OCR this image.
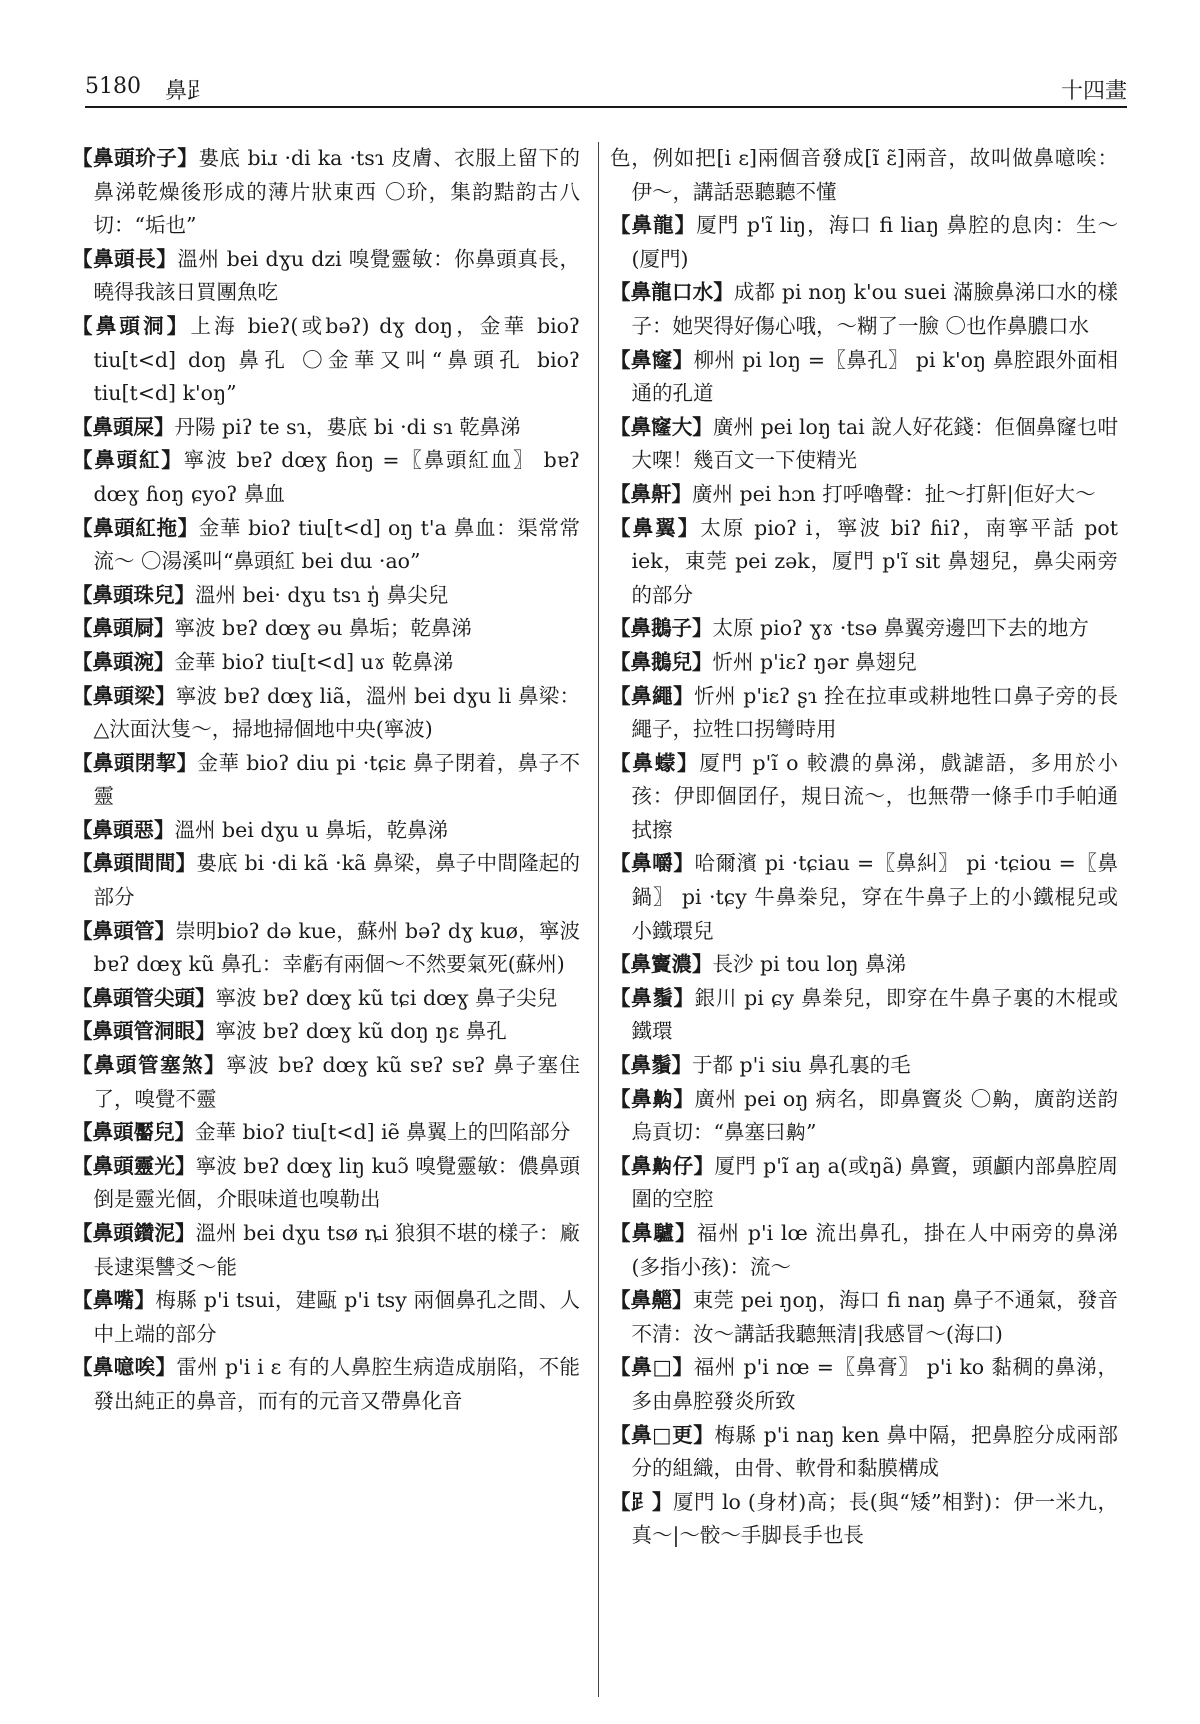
5180 鼻𧾷	十四畫

【鼻頭玠子】婁底 biɹ ·di ka ·tsɿ 皮膚、衣服上留下的鼻涕乾燥後形成的薄片狀東西 〇玠，集韵黠韵古八切：“垢也”

【鼻頭長】溫州 bei dɣu dzi 嗅覺靈敏：你鼻頭真長，曉得我該日買團魚吃

【鼻頭洞】上海 bieʔ(或bəʔ) dɣ doŋ，金華 bioʔ tiu[t<d] doŋ 鼻孔 〇金華又叫“鼻頭孔 bioʔ tiu[t<d] k'oŋ”

【鼻頭屎】丹陽 piʔ te sɿ，婁底 bi ·di sɿ 乾鼻涕

【鼻頭紅】寧波 bɐʔ dœɣ ɦoŋ =〖鼻頭紅血〗 bɐʔ dœɣ ɦoŋ ɕyoʔ 鼻血

【鼻頭紅拖】金華 bioʔ tiu[t<d] oŋ t'a 鼻血：渠常常流～ 〇湯溪叫“鼻頭紅 bei dɯ ·ao”

【鼻頭珠兒】溫州 bei· dɣu tsɿ ŋ̍ 鼻尖兒

【鼻頭屙】寧波 bɐʔ dœɣ əu 鼻垢；乾鼻涕

【鼻頭涴】金華 bioʔ tiu[t<d] uɤ 乾鼻涕

【鼻頭梁】寧波 bɐʔ dœɣ liã，溫州 bei dɣu li 鼻梁：△汏面汏隻～，掃地掃個地中央(寧波)

【鼻頭閉挈】金華 bioʔ diu pi ·tɕiɛ 鼻子閉着，鼻子不靈

【鼻頭惡】溫州 bei dɣu u 鼻垢，乾鼻涕

【鼻頭間間】婁底 bi ·di kã ·kã 鼻梁，鼻子中間隆起的部分

【鼻頭管】崇明bioʔ də kue，蘇州 bəʔ dɣ kuø，寧波 bɐʔ dœɣ kũ 鼻孔：幸虧有兩個～不然要氣死(蘇州)

【鼻頭管尖頭】寧波 bɐʔ dœɣ kũ tɕi dœɣ 鼻子尖兒

【鼻頭管洞眼】寧波 bɐʔ dœɣ kũ doŋ ŋɛ 鼻孔

【鼻頭管塞煞】寧波 bɐʔ dœɣ kũ sɐʔ sɐʔ 鼻子塞住了，嗅覺不靈

【鼻頭靨兒】金華 bioʔ tiu[t<d] iẽ 鼻翼上的凹陷部分

【鼻頭靈光】寧波 bɐʔ dœɣ liŋ kuɔ̃ 嗅覺靈敏：儂鼻頭倒是靈光個，介眼味道也嗅勒出

【鼻頭鑽泥】溫州 bei dɣu tsø ȵi 狼狽不堪的樣子：廠長逮渠讐爻～能

【鼻嘴】梅縣 p'i tsui，建甌 p'i tsy 兩個鼻孔之間、人中上端的部分

【鼻噫唉】雷州 p'i i ɛ 有的人鼻腔生病造成崩陷，不能發出純正的鼻音，而有的元音又帶鼻化音

色，例如把[i ɛ]兩個音發成[ĩ ɛ̃]兩音，故叫做鼻噫唉：伊～，講話惡聽聽不懂

【鼻龍】厦門 p'ĩ liŋ，海口 fi liaŋ 鼻腔的息肉：生～(厦門)

【鼻龍口水】成都 pi noŋ k'ou suei 滿臉鼻涕口水的樣子：她哭得好傷心哦，～糊了一臉 〇也作鼻膿口水

【鼻窿】柳州 pi loŋ =〖鼻孔〗 pi k'oŋ 鼻腔跟外面相通的孔道

【鼻窿大】廣州 pei loŋ tai 說人好花錢：佢個鼻窿乜咁大㗎！幾百文一下使精光

【鼻鼾】廣州 pei hɔn 打呼嚕聲：扯～打鼾|佢好大～

【鼻翼】太原 pioʔ i，寧波 biʔ ɦiʔ，南寧平話 pot iek，東莞 pei zək，厦門 p'ĩ sit 鼻翅兒，鼻尖兩旁的部分

【鼻鵝子】太原 pioʔ ɣɤ ·tsə 鼻翼旁邊凹下去的地方

【鼻鵝兒】忻州 p'iɛʔ ŋər 鼻翅兒

【鼻繩】忻州 p'iɛʔ ʂɿ 拴在拉車或耕地牲口鼻子旁的長繩子，拉牲口拐彎時用

【鼻蠓】厦門 p'ĩ o 較濃的鼻涕，戲謔語，多用於小孩：伊即個囝仔，規日流～，也無帶一條手巾手帕通拭擦

【鼻嚼】哈爾濱 pi ·tɕiau =〖鼻糾〗 pi ·tɕiou =〖鼻鍋〗 pi ·tɕy 牛鼻桊兒，穿在牛鼻子上的小鐵棍兒或小鐵環兒

【鼻竇濃】長沙 pi tou loŋ 鼻涕

【鼻鬚】銀川 pi ɕy 鼻桊兒，即穿在牛鼻子裏的木棍或鐵環

【鼻鬚】于都 p'i siu 鼻孔裏的毛

【鼻𪖙】廣州 pei oŋ 病名，即鼻竇炎 〇𪖙，廣韵送韵烏貢切：“鼻塞曰𪖙”

【鼻𪖙仔】厦門 p'ĩ aŋ a(或ŋã) 鼻竇，頭顱内部鼻腔周圍的空腔

【鼻驢】福州 p'i lœ 流出鼻孔，掛在人中兩旁的鼻涕(多指小孩)：流～

【鼻齆】東莞 pei ŋoŋ，海口 fi naŋ 鼻子不通氣，發音不清：汝～講話我聽無清|我感冒～(海口)

【鼻□】福州 p'i nœ =〖鼻膏〗 p'i ko 黏稠的鼻涕，多由鼻腔發炎所致

【鼻□更】梅縣 p'i naŋ ken 鼻中隔，把鼻腔分成兩部分的組織，由骨、軟骨和黏膜構成

【𧾷】厦門 lo (身材)高；長(與“矮”相對)：伊一米九，真～|～骹～手脚長手也長
